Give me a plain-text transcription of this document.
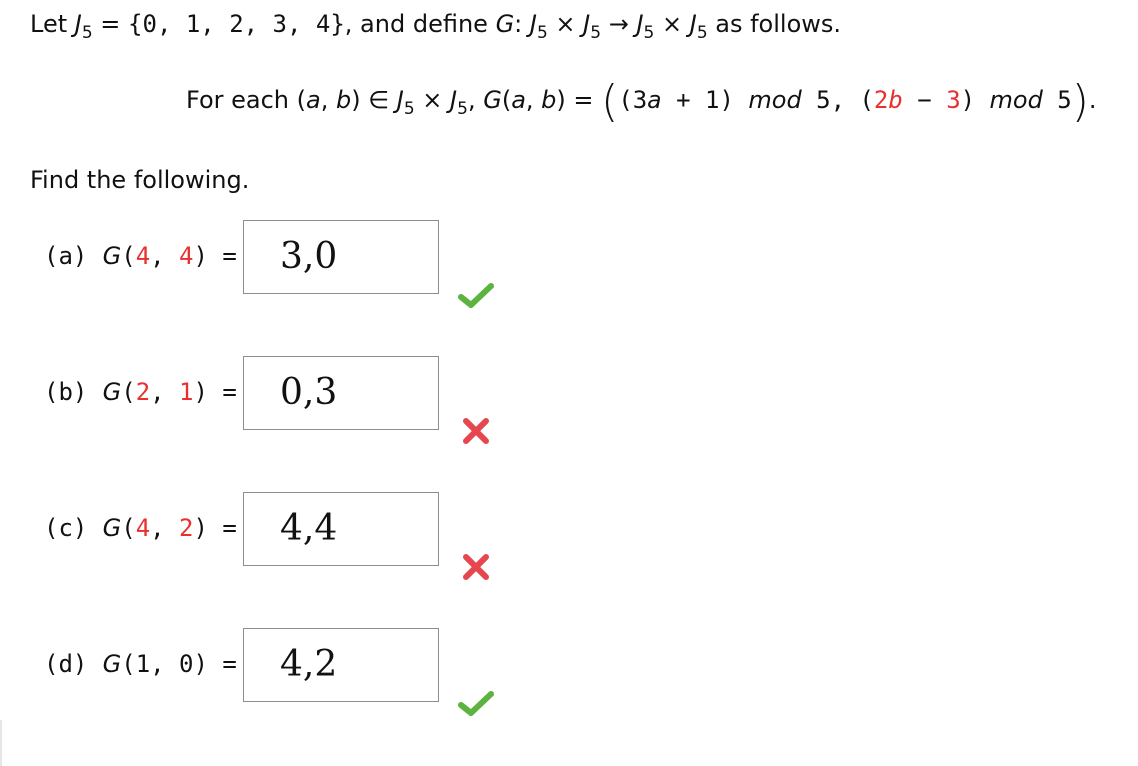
Let $J_5 = \{0$, 1, 2, 3, 4}, and define G: $J_5 \times J_5 \to J_5 \times J_5$ as follows.
For each (a, b) ∈ $J_5 \times J_5$, G(a, b) = ((3a + 1) mod 5, (2b − 3) mod 5).
Find the following.
(a) G(4, 4) =	3,0
(b) G(2, 1) =	0,3
(c) G(4, 2) =	4,4
(d) G(1, 0) =	4,2
